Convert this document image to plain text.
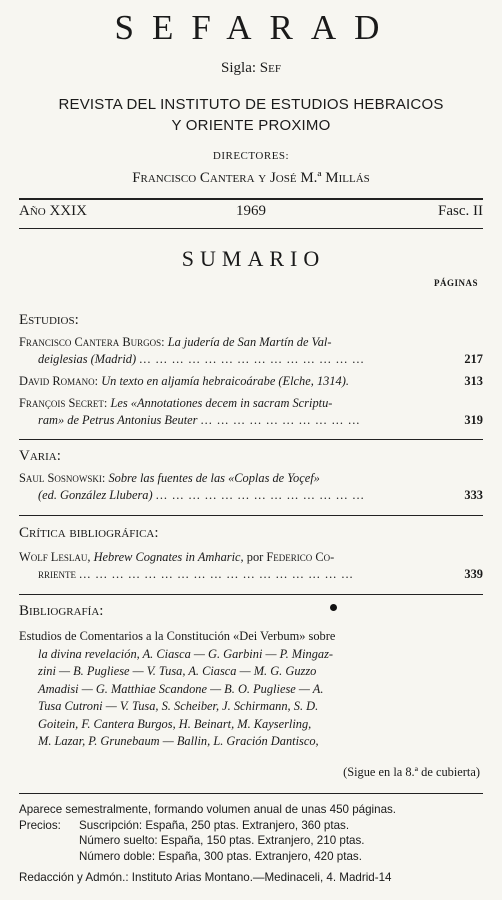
SEFARAD
Sigla: Sef
REVISTA DEL INSTITUTO DE ESTUDIOS HEBRAICOS
Y ORIENTE PROXIMO
DIRECTORES:
Francisco Cantera y José M.ª Millás
Año XXIX	1969	Fasc. II
SUMARIO
PÁGINAS
Estudios:
Francisco Cantera Burgos: La judería de San Martín de Val-
deiglesias (Madrid) ... ... ... ... ... ... ... ... ... ... ... ... ... ...	217
David Romano: Un texto en aljamía hebraicoárabe (Elche, 1314).	313
François Secret: Les «Annotationes decem in sacram Scriptu-
ram» de Petrus Antonius Beuter ... ... ... ... ... ... ... ... ... ...	319
Varia:
Saul Sosnowski: Sobre las fuentes de las «Coplas de Yoçef»
(ed. González Llubera) ... ... ... ... ... ... ... ... ... ... ... ... ...	333
Crítica bibliográfica:
Wolf Leslau, Hebrew Cognates in Amharic, por Federico Co-
rriente ... ... ... ... ... ... ... ... ... ... ... ... ... ... ... ... ...	339
Bibliografía:
Estudios de Comentarios a la Constitución «Dei Verbum» sobre
la divina revelación, A. Ciasca — G. Garbini — P. Mingaz-
zini — B. Pugliese — V. Tusa, A. Ciasca — M. G. Guzzo
Amadisi — G. Matthiae Scandone — B. O. Pugliese — A.
Tusa Cutroni — V. Tusa, S. Scheiber, J. Schirmann, S. D.
Goitein, F. Cantera Burgos, H. Beinart, M. Kayserling,
M. Lazar, P. Grunebaum — Ballin, L. Gración Dantisco,
(Sigue en la 8.ª de cubierta)
Aparece semestralmente, formando volumen anual de unas 450 páginas.
Precios: Suscripción: España, 250 ptas. Extranjero, 360 ptas.
Número suelto: España, 150 ptas. Extranjero, 210 ptas.
Número doble: España, 300 ptas. Extranjero, 420 ptas.
Redacción y Admón.: Instituto Arias Montano.—Medinaceli, 4. Madrid-14
